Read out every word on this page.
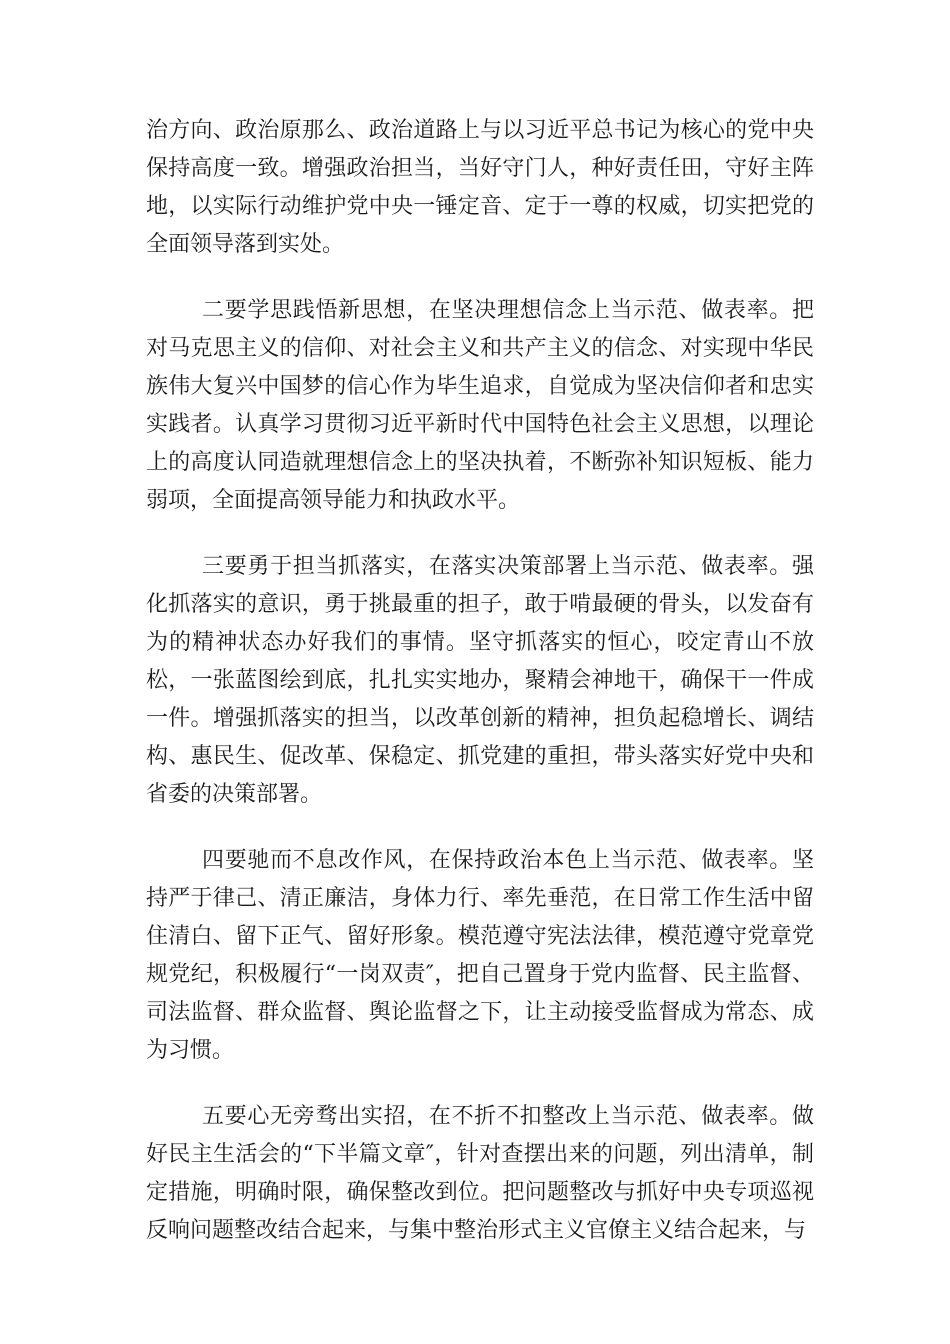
治方向、政治原那么、政治道路上与以习近平总书记为核心的党中央保持高度一致。增强政治担当，当好守门人，种好责任田，守好主阵地，以实际行动维护党中央一锤定音、定于一尊的权威，切实把党的全面领导落到实处。

二要学思践悟新思想，在坚决理想信念上当示范、做表率。把对马克思主义的信仰、对社会主义和共产主义的信念、对实现中华民族伟大复兴中国梦的信心作为毕生追求，自觉成为坚决信仰者和忠实实践者。认真学习贯彻习近平新时代中国特色社会主义思想，以理论上的高度认同造就理想信念上的坚决执着，不断弥补知识短板、能力弱项，全面提高领导能力和执政水平。

三要勇于担当抓落实，在落实决策部署上当示范、做表率。强化抓落实的意识，勇于挑最重的担子，敢于啃最硬的骨头，以发奋有为的精神状态办好我们的事情。坚守抓落实的恒心，咬定青山不放松，一张蓝图绘到底，扎扎实实地办，聚精会神地干，确保干一件成一件。增强抓落实的担当，以改革创新的精神，担负起稳增长、调结构、惠民生、促改革、保稳定、抓党建的重担，带头落实好党中央和省委的决策部署。

四要驰而不息改作风，在保持政治本色上当示范、做表率。坚持严于律己、清正廉洁，身体力行、率先垂范，在日常工作生活中留住清白、留下正气、留好形象。模范遵守宪法法律，模范遵守党章党规党纪，积极履行“一岗双责″，把自己置身于党内监督、民主监督、司法监督、群众监督、舆论监督之下，让主动接受监督成为常态、成为习惯。

五要心无旁骛出实招，在不折不扣整改上当示范、做表率。做好民主生活会的“下半篇文章″，针对查摆出来的问题，列出清单，制定措施，明确时限，确保整改到位。把问题整改与抓好中央专项巡视反响问题整改结合起来，与集中整治形式主义官僚主义结合起来，与
